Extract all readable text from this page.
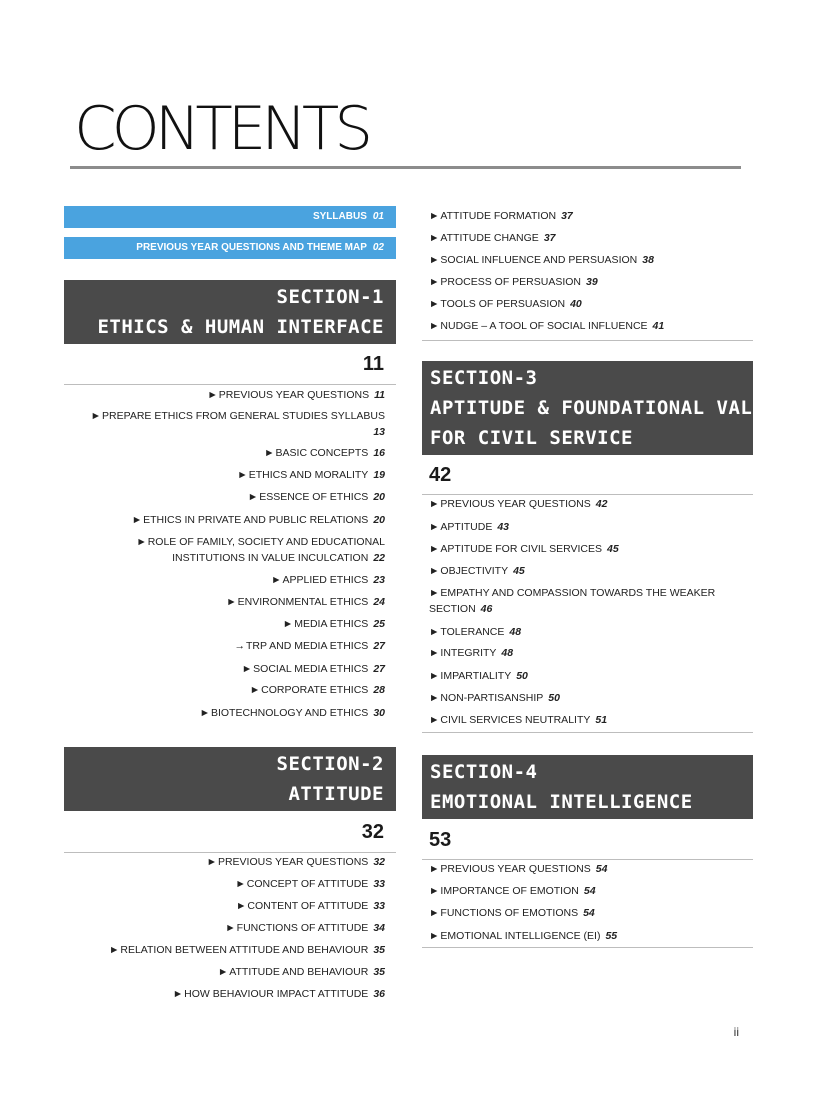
CONTENTS
SYLLABUS 01
PREVIOUS YEAR QUESTIONS AND THEME MAP 02
SECTION-1
ETHICS & HUMAN INTERFACE
11
►PREVIOUS YEAR QUESTIONS 11
►PREPARE ETHICS FROM GENERAL STUDIES SYLLABUS
13
►BASIC CONCEPTS 16
►ETHICS AND MORALITY 19
►ESSENCE OF ETHICS 20
►ETHICS IN PRIVATE AND PUBLIC RELATIONS 20
►ROLE OF FAMILY, SOCIETY AND EDUCATIONAL
INSTITUTIONS IN VALUE INCULCATION 22
►APPLIED ETHICS 23
►ENVIRONMENTAL ETHICS 24
►MEDIA ETHICS 25
→TRP AND MEDIA ETHICS 27
►SOCIAL MEDIA ETHICS 27
►CORPORATE ETHICS 28
►BIOTECHNOLOGY AND ETHICS 30
SECTION-2
ATTITUDE
32
►PREVIOUS YEAR QUESTIONS 32
►CONCEPT OF ATTITUDE 33
►CONTENT OF ATTITUDE 33
►FUNCTIONS OF ATTITUDE 34
►RELATION BETWEEN ATTITUDE AND BEHAVIOUR 35
►ATTITUDE AND BEHAVIOUR 35
►HOW BEHAVIOUR IMPACT ATTITUDE 36
►ATTITUDE FORMATION 37
►ATTITUDE CHANGE 37
►SOCIAL INFLUENCE AND PERSUASION 38
►PROCESS OF PERSUASION 39
►TOOLS OF PERSUASION 40
►NUDGE – A TOOL OF SOCIAL INFLUENCE 41
SECTION-3
APTITUDE & FOUNDATIONAL VALUES
FOR CIVIL SERVICE
42
►PREVIOUS YEAR QUESTIONS 42
►APTITUDE 43
►APTITUDE FOR CIVIL SERVICES 45
►OBJECTIVITY 45
►EMPATHY AND COMPASSION TOWARDS THE WEAKER
SECTION 46
►TOLERANCE 48
►INTEGRITY 48
►IMPARTIALITY 50
►NON-PARTISANSHIP 50
►CIVIL SERVICES NEUTRALITY 51
SECTION-4
EMOTIONAL INTELLIGENCE
53
►PREVIOUS YEAR QUESTIONS 54
►IMPORTANCE OF EMOTION 54
►FUNCTIONS OF EMOTIONS 54
►EMOTIONAL INTELLIGENCE (EI) 55
ii
